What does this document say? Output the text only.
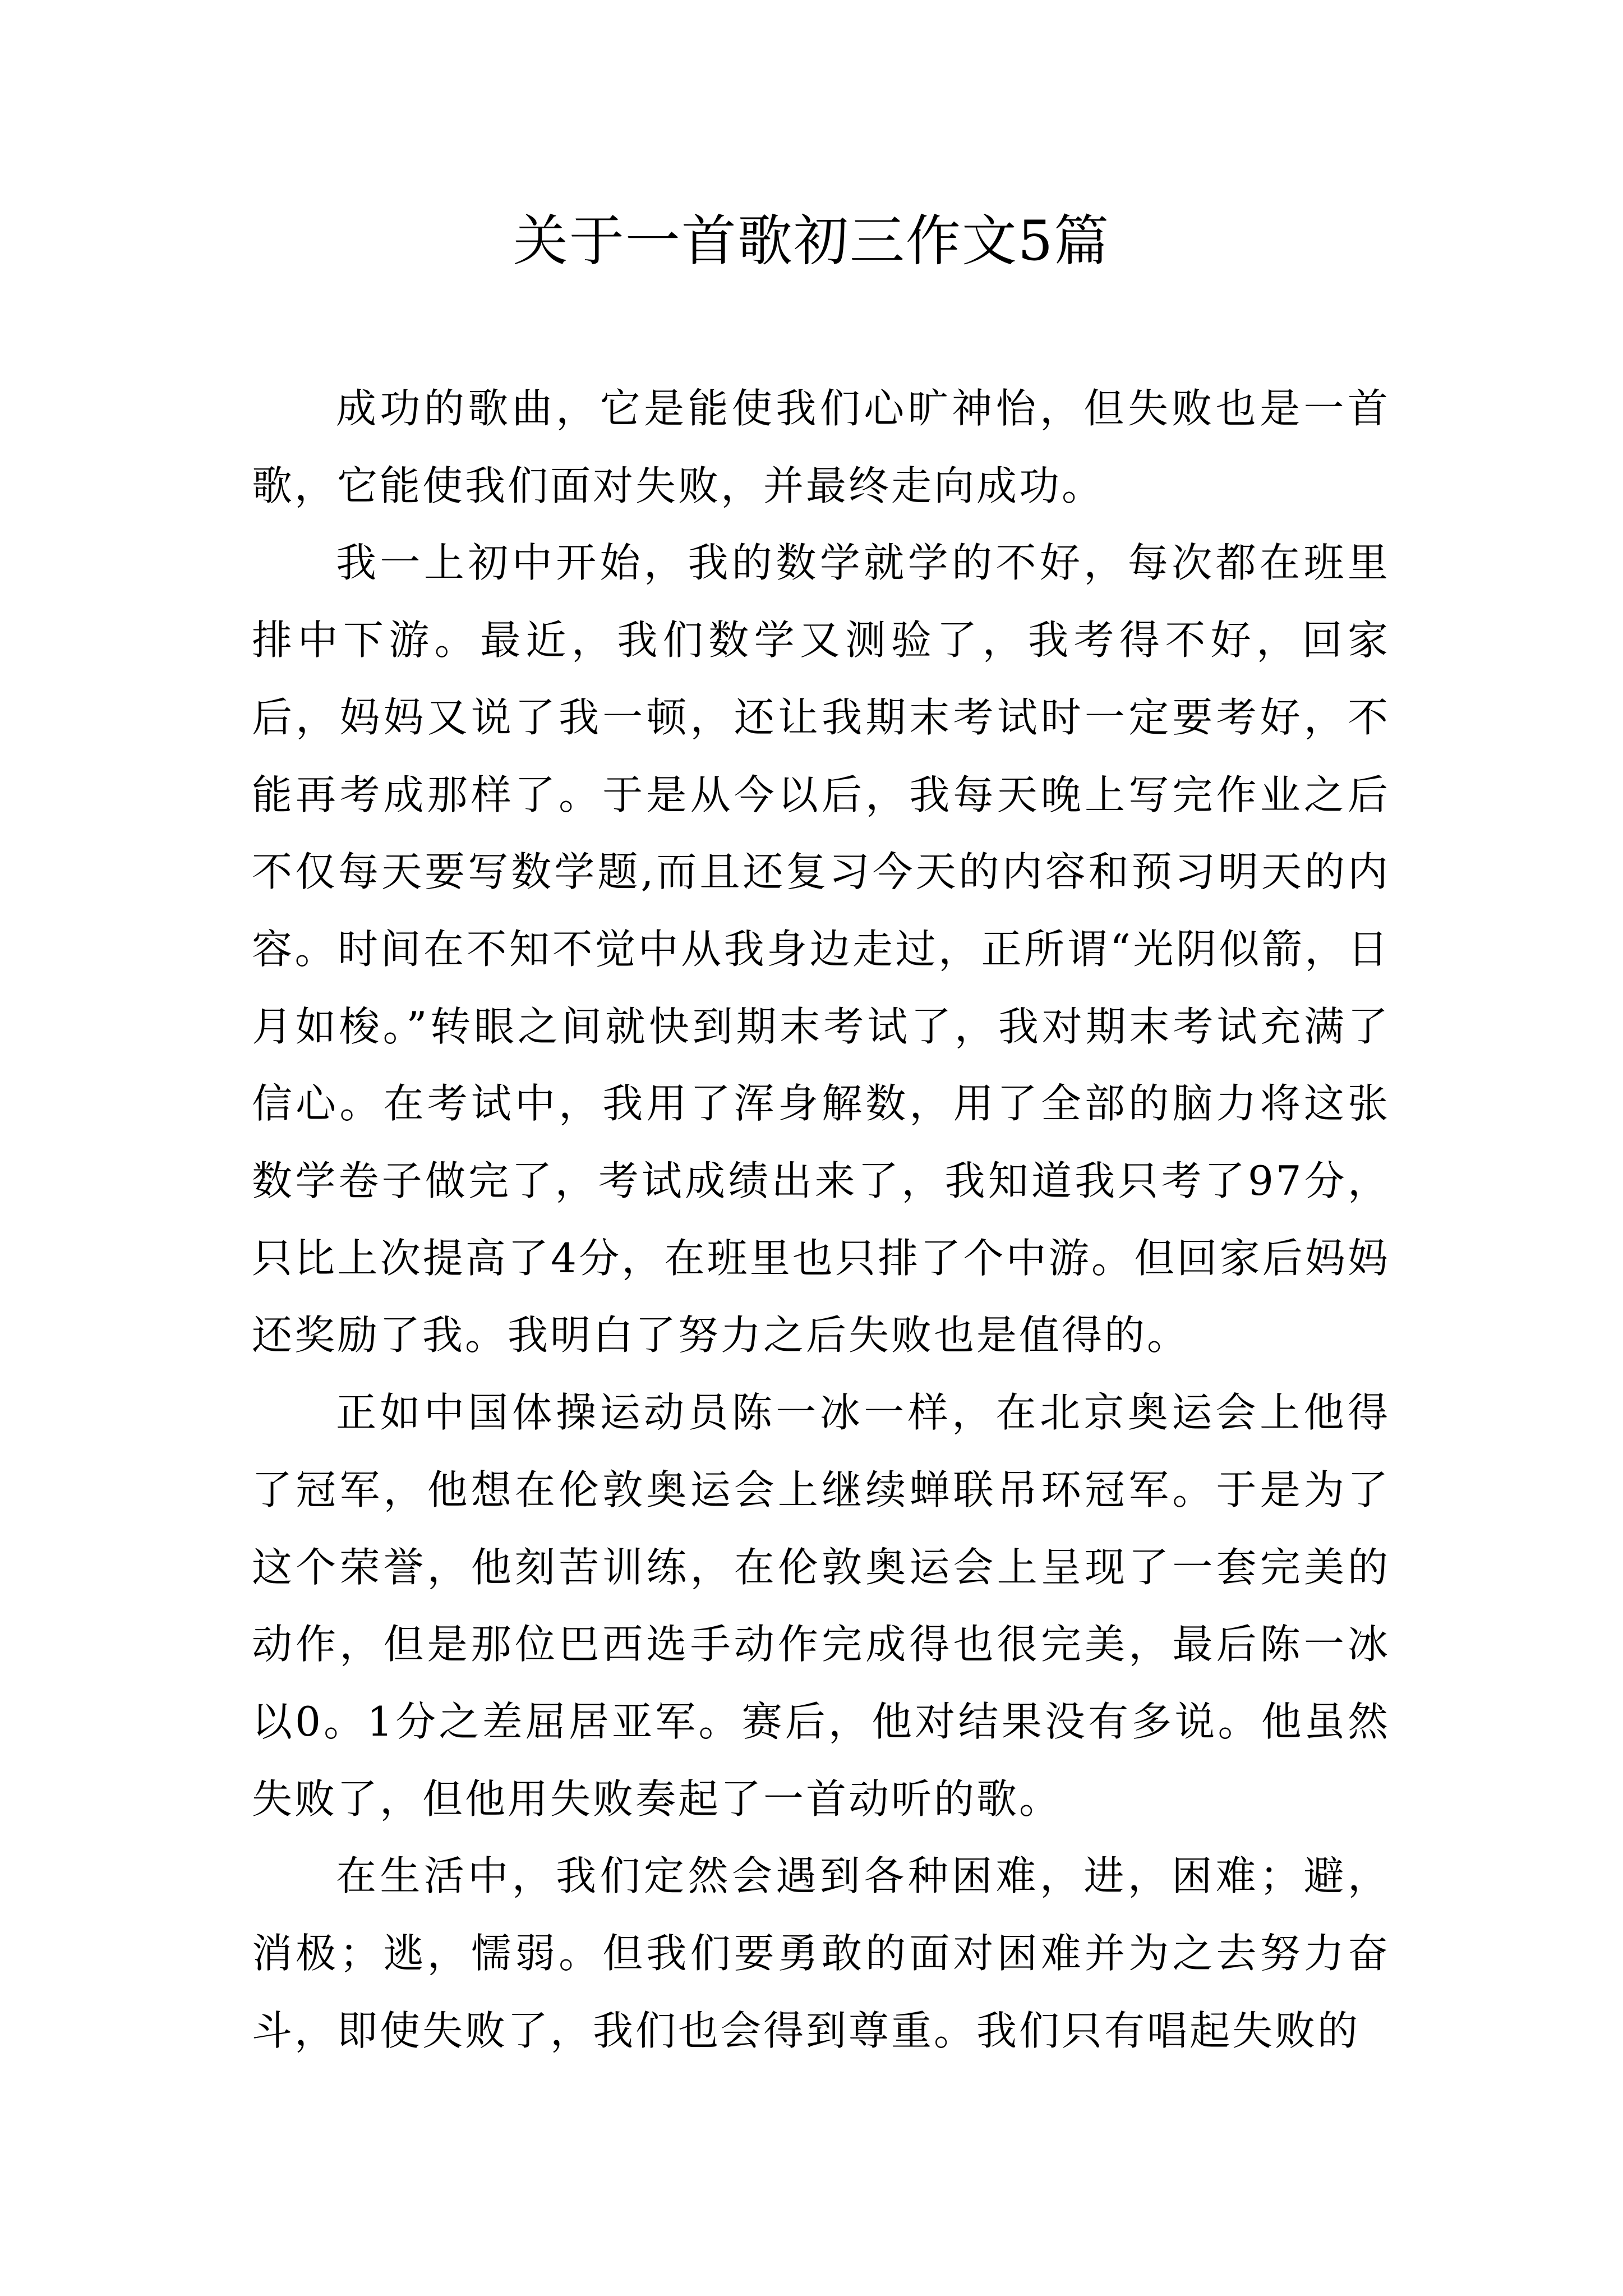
关于一首歌初三作文5篇

成功的歌曲，它是能使我们心旷神怡，但失败也是一首歌，它能使我们面对失败，并最终走向成功。

我一上初中开始，我的数学就学的不好，每次都在班里排中下游。最近，我们数学又测验了，我考得不好，回家后，妈妈又说了我一顿，还让我期末考试时一定要考好，不能再考成那样了。于是从今以后，我每天晚上写完作业之后不仅每天要写数学题,而且还复习今天的内容和预习明天的内容。时间在不知不觉中从我身边走过，正所谓“光阴似箭，日月如梭。”转眼之间就快到期末考试了，我对期末考试充满了信心。在考试中，我用了浑身解数，用了全部的脑力将这张数学卷子做完了，考试成绩出来了，我知道我只考了97分，只比上次提高了4分，在班里也只排了个中游。但回家后妈妈还奖励了我。我明白了努力之后失败也是值得的。

正如中国体操运动员陈一冰一样，在北京奥运会上他得了冠军，他想在伦敦奥运会上继续蝉联吊环冠军。于是为了这个荣誉，他刻苦训练，在伦敦奥运会上呈现了一套完美的动作，但是那位巴西选手动作完成得也很完美，最后陈一冰以0。1分之差屈居亚军。赛后，他对结果没有多说。他虽然失败了，但他用失败奏起了一首动听的歌。

在生活中，我们定然会遇到各种困难，进，困难；避，消极；逃，懦弱。但我们要勇敢的面对困难并为之去努力奋斗，即使失败了，我们也会得到尊重。我们只有唱起失败的
